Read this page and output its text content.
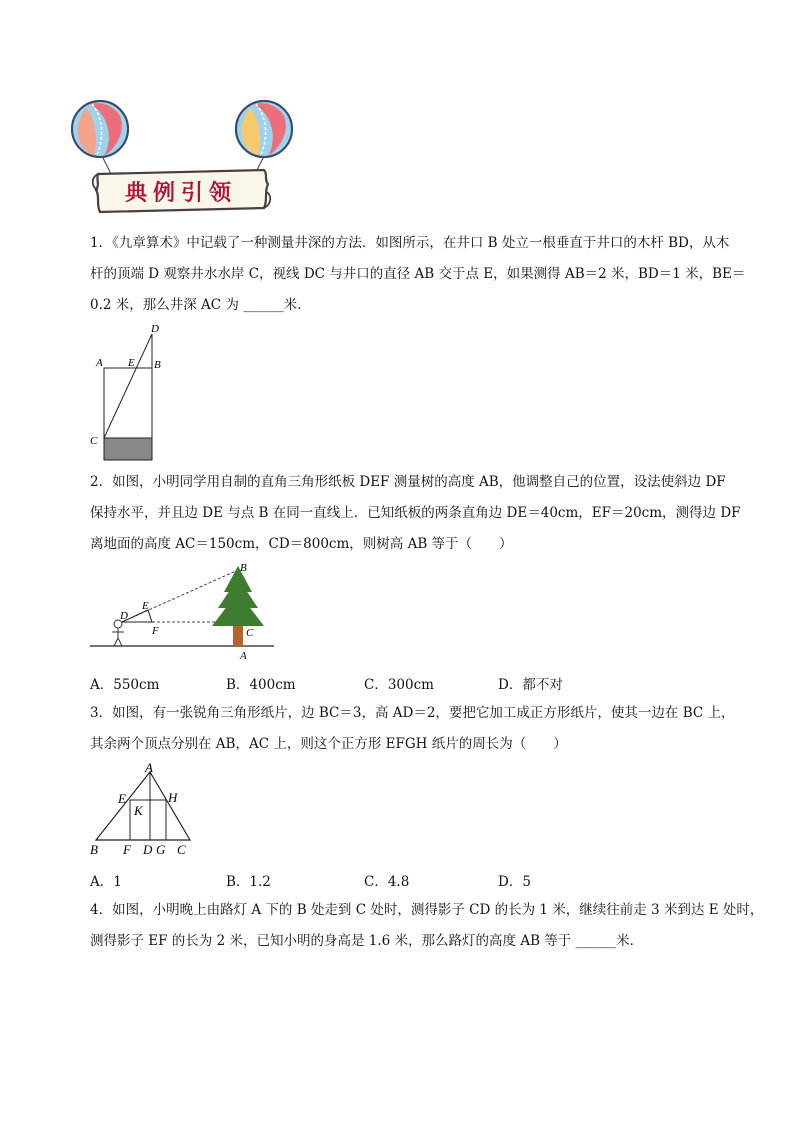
典例引领
1．《九章算术》中记载了一种测量井深的方法．如图所示，在井口 B 处立一根垂直于井口的木杆 BD，从木
杆的顶端 D 观察井水水岸 C，视线 DC 与井口的直径 AB 交于点 E，如果测得 AB＝2 米，BD＝1 米，BE＝
0.2 米，那么井深 AC 为 ______米．
D
A E B
C
2．如图，小明同学用自制的直角三角形纸板 DEF 测量树的高度 AB，他调整自己的位置，设法使斜边 DF
保持水平，并且边 DE 与点 B 在同一直线上．已知纸板的两条直角边 DE＝40cm，EF＝20cm，测得边 DF
离地面的高度 AC＝150cm，CD＝800cm，则树高 AB 等于（　　）
B
E
D
F	C
A
A．550cm	B．400cm	C．300cm	D．都不对
3．如图，有一张锐角三角形纸片，边 BC＝3，高 AD＝2，要把它加工成正方形纸片，使其一边在 BC 上，
其余两个顶点分别在 AB，AC 上，则这个正方形 EFGH 纸片的周长为（　　）
A
E	H
K
B F D G C
A．1	B．1.2	C．4.8	D．5
4．如图，小明晚上由路灯 A 下的 B 处走到 C 处时，测得影子 CD 的长为 1 米，继续往前走 3 米到达 E 处时，
测得影子 EF 的长为 2 米，已知小明的身高是 1.6 米，那么路灯的高度 AB 等于 ______米．
